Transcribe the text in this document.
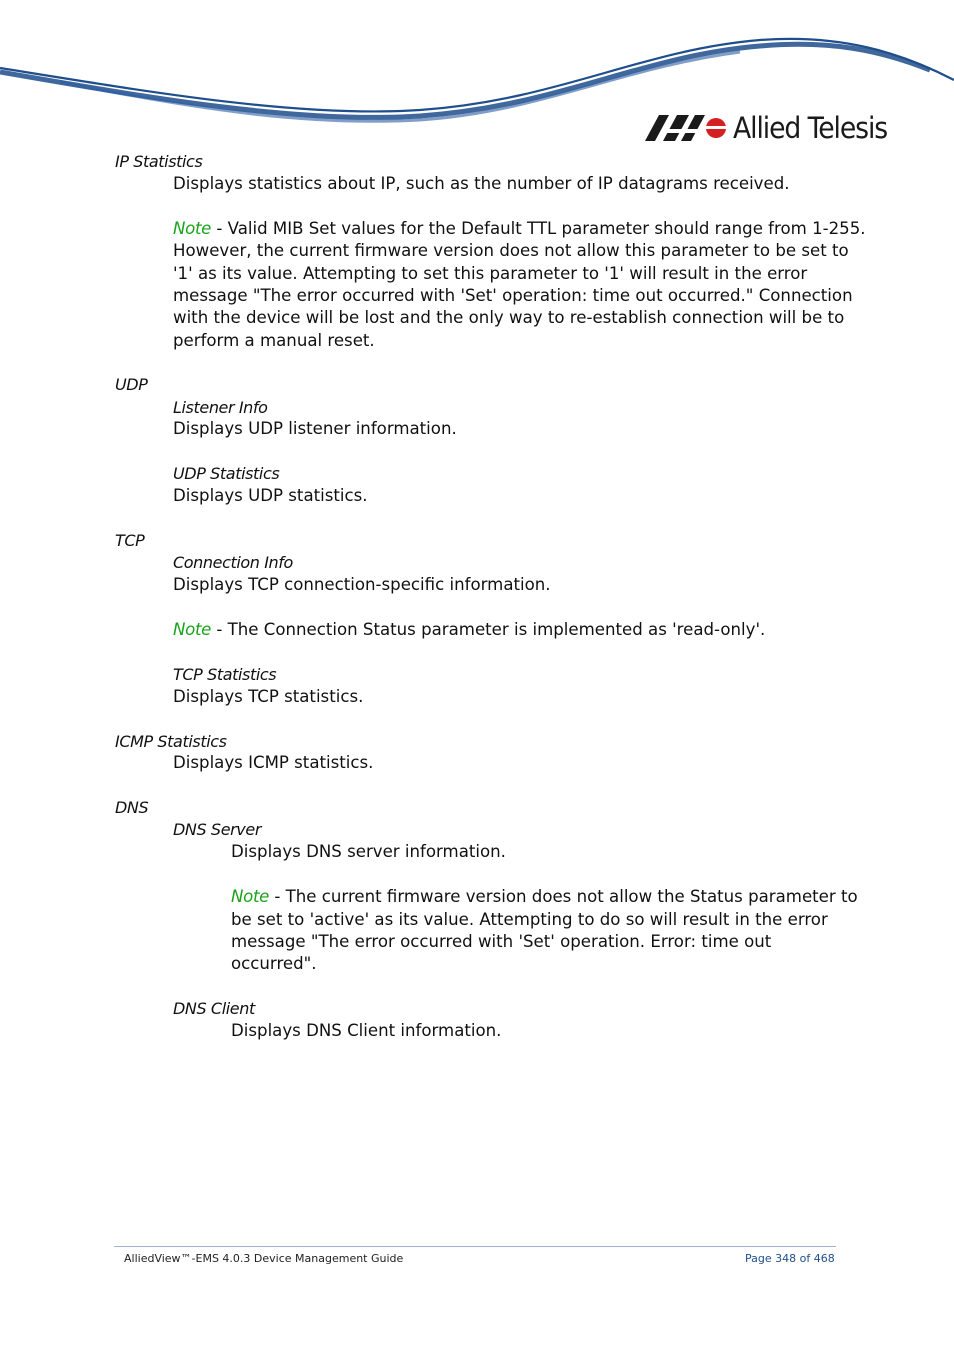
Allied Telesis
IP Statistics
Displays statistics about IP, such as the number of IP datagrams received.
Note - Valid MIB Set values for the Default TTL parameter should range from 1-255.
However, the current firmware version does not allow this parameter to be set to
'1' as its value. Attempting to set this parameter to '1' will result in the error
message "The error occurred with 'Set' operation: time out occurred." Connection
with the device will be lost and the only way to re-establish connection will be to
perform a manual reset.
UDP
Listener Info
Displays UDP listener information.
UDP Statistics
Displays UDP statistics.
TCP
Connection Info
Displays TCP connection-specific information.
Note - The Connection Status parameter is implemented as 'read-only'.
TCP Statistics
Displays TCP statistics.
ICMP Statistics
Displays ICMP statistics.
DNS
DNS Server
Displays DNS server information.
Note - The current firmware version does not allow the Status parameter to
be set to 'active' as its value. Attempting to do so will result in the error
message "The error occurred with 'Set' operation. Error: time out
occurred".
DNS Client
Displays DNS Client information.
AlliedView™-EMS 4.0.3 Device Management Guide	Page 348 of 468
